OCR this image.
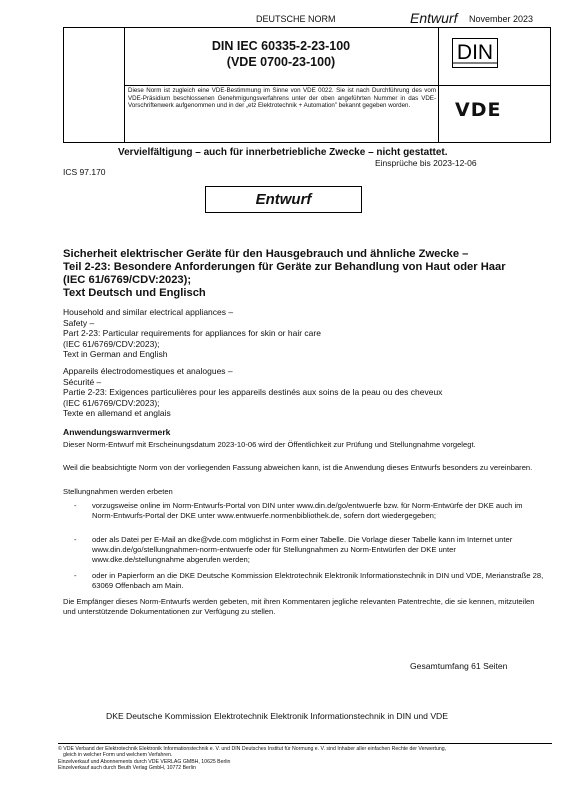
DEUTSCHE NORM	Entwurf November 2023
DIN IEC 60335-2-23-100
(VDE 0700-23-100)	DIN
Diese Norm ist zugleich eine VDE-Bestimmung im Sinne von VDE 0022. Sie ist nach Durchführung des vom VDE-Präsidium beschlossenen Genehmigungsverfahrens unter der oben angeführten Nummer in das VDE-Vorschriftenwerk aufgenommen und in der „etz Elektrotechnik + Automation” bekannt gegeben worden.	VDE
Vervielfältigung – auch für innerbetriebliche Zwecke – nicht gestattet.
Einsprüche bis 2023-12-06
ICS 97.170
Entwurf
Sicherheit elektrischer Geräte für den Hausgebrauch und ähnliche Zwecke –
Teil 2-23: Besondere Anforderungen für Geräte zur Behandlung von Haut oder Haar
(IEC 61/6769/CDV:2023);
Text Deutsch und Englisch
Household and similar electrical appliances –
Safety –
Part 2-23: Particular requirements for appliances for skin or hair care
(IEC 61/6769/CDV:2023);
Text in German and English
Appareils électrodomestiques et analogues –
Sécurité –
Partie 2-23: Exigences particulières pour les appareils destinés aux soins de la peau ou des cheveux
(IEC 61/6769/CDV:2023);
Texte en allemand et anglais
Anwendungswarnvermerk
Dieser Norm-Entwurf mit Erscheinungsdatum 2023-10-06 wird der Öffentlichkeit zur Prüfung und Stellungnahme vorgelegt.
Weil die beabsichtigte Norm von der vorliegenden Fassung abweichen kann, ist die Anwendung dieses Entwurfs besonders zu vereinbaren.
Stellungnahmen werden erbeten
- vorzugsweise online im Norm-Entwurfs-Portal von DIN unter www.din.de/go/entwuerfe bzw. für Norm-Entwürfe der DKE auch im Norm-Entwurfs-Portal der DKE unter www.entwuerfe.normenbibliothek.de, sofern dort wiedergegeben;
- oder als Datei per E-Mail an dke@vde.com möglichst in Form einer Tabelle. Die Vorlage dieser Tabelle kann im Internet unter www.din.de/go/stellungnahmen-norm-entwuerfe oder für Stellungnahmen zu Norm-Entwürfen der DKE unter www.dke.de/stellungnahme abgerufen werden;
- oder in Papierform an die DKE Deutsche Kommission Elektrotechnik Elektronik Informationstechnik in DIN und VDE, Merianstraße 28, 63069 Offenbach am Main.
Die Empfänger dieses Norm-Entwurfs werden gebeten, mit ihren Kommentaren jegliche relevanten Patentrechte, die sie kennen, mitzuteilen und unterstützende Dokumentationen zur Verfügung zu stellen.
Gesamtumfang 61 Seiten
DKE Deutsche Kommission Elektrotechnik Elektronik Informationstechnik in DIN und VDE
© VDE Verband der Elektrotechnik Elektronik Informationstechnik e. V. und DIN Deutsches Institut für Normung e. V. sind Inhaber aller einfachen Rechte der Verwertung,
gleich in welcher Form und welchem Verfahren.
Einzelverkauf und Abonnements durch VDE VERLAG GMBH, 10625 Berlin
Einzelverkauf auch durch Beuth Verlag GmbH, 10772 Berlin
